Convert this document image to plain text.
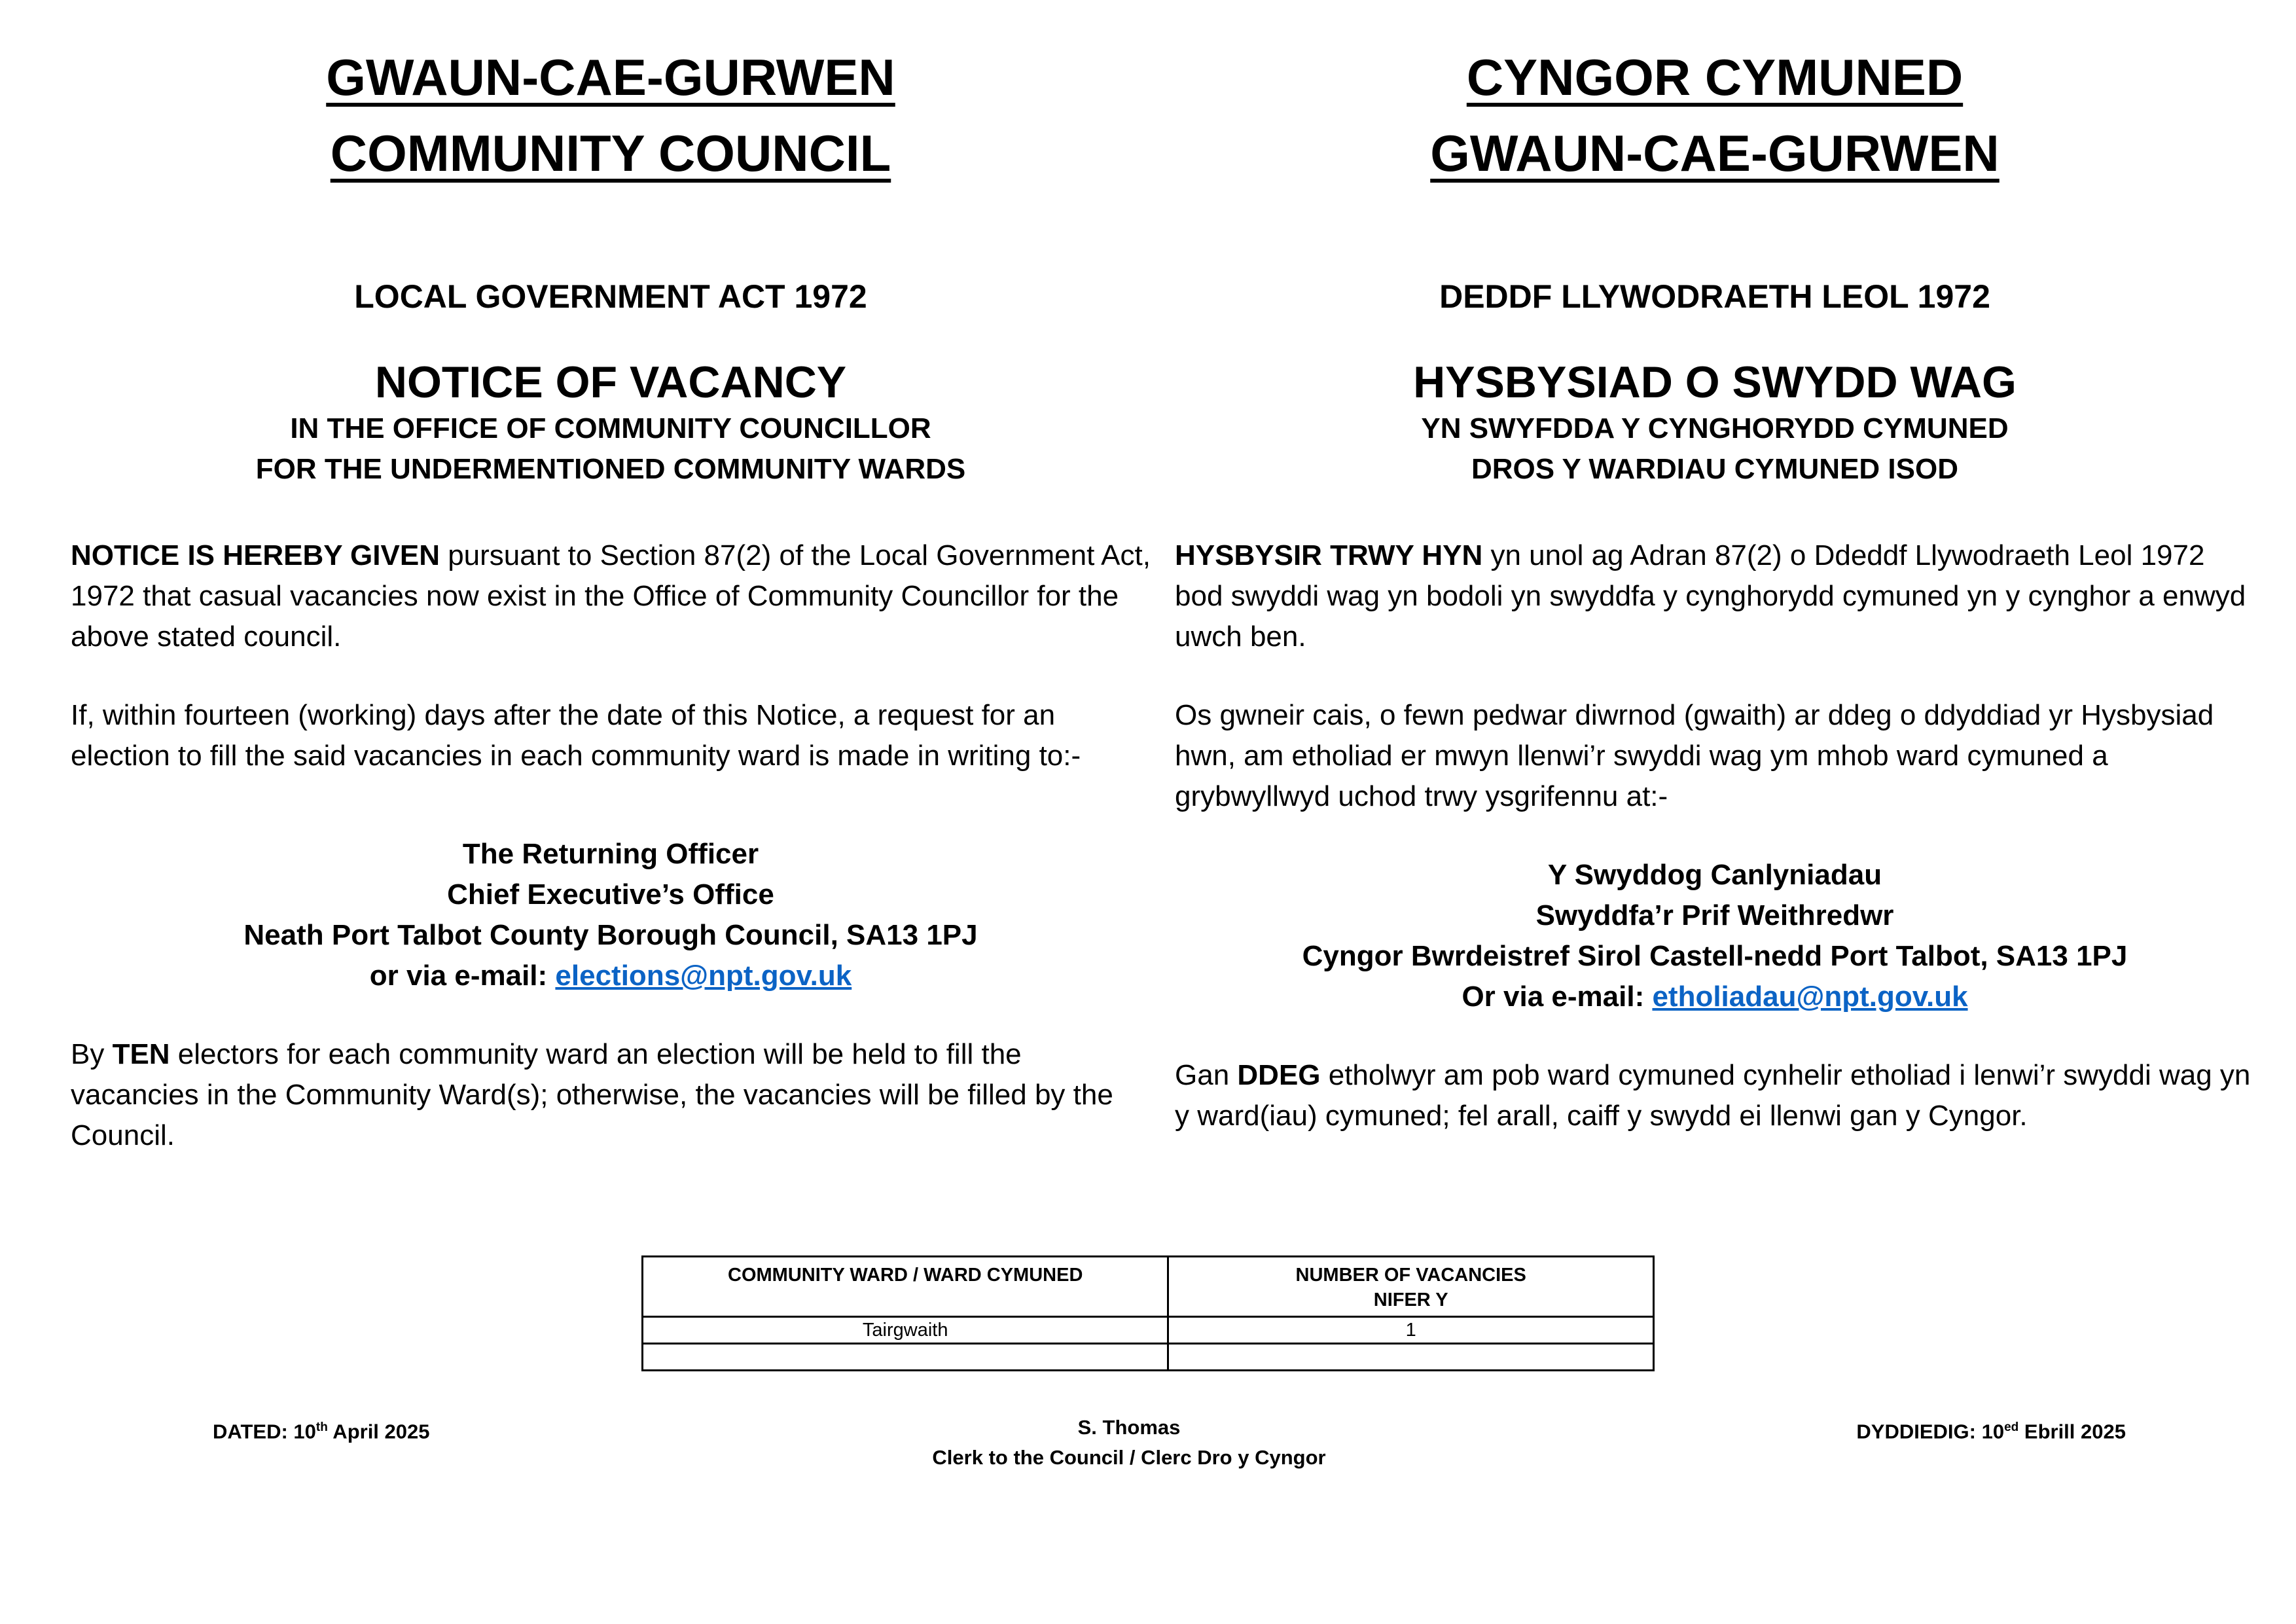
GWAUN-CAE-GURWEN
COMMUNITY COUNCIL
LOCAL GOVERNMENT ACT 1972
NOTICE OF VACANCY
IN THE OFFICE OF COMMUNITY COUNCILLOR
FOR THE UNDERMENTIONED COMMUNITY WARDS

NOTICE IS HEREBY GIVEN pursuant to Section 87(2) of the Local Government Act, 1972 that casual vacancies now exist in the Office of Community Councillor for the above stated council.

If, within fourteen (working) days after the date of this Notice, a request for an election to fill the said vacancies in each community ward is made in writing to:-

The Returning Officer
Chief Executive’s Office
Neath Port Talbot County Borough Council, SA13 1PJ
or via e-mail: elections@npt.gov.uk

By TEN electors for each community ward an election will be held to fill the vacancies in the Community Ward(s); otherwise, the vacancies will be filled by the Council.

CYNGOR CYMUNED
GWAUN-CAE-GURWEN
DEDDF LLYWODRAETH LEOL 1972
HYSBYSIAD O SWYDD WAG
YN SWYFDDA Y CYNGHORYDD CYMUNED
DROS Y WARDIAU CYMUNED ISOD

HYSBYSIR TRWY HYN yn unol ag Adran 87(2) o Ddeddf Llywodraeth Leol 1972 bod swyddi wag yn bodoli yn swyddfa y cynghorydd cymuned yn y cynghor a enwyd uwch ben.

Os gwneir cais, o fewn pedwar diwrnod (gwaith) ar ddeg o ddyddiad yr Hysbysiad hwn, am etholiad er mwyn llenwi’r swyddi wag ym mhob ward cymuned a grybwyllwyd uchod trwy ysgrifennu at:-

Y Swyddog Canlyniadau
Swyddfa’r Prif Weithredwr
Cyngor Bwrdeistref Sirol Castell-nedd Port Talbot, SA13 1PJ
Or via e-mail: etholiadau@npt.gov.uk

Gan DDEG etholwyr am pob ward cymuned cynhelir etholiad i lenwi’r swyddi wag yn y ward(iau) cymuned; fel arall, caiff y swydd ei llenwi gan y Cyngor.

COMMUNITY WARD / WARD CYMUNED	NUMBER OF VACANCIES
NIFER Y

Tairgwaith	1

DATED: 10th April 2025	S. Thomas
Clerk to the Council / Clerc Dro y Cyngor
DYDDIEDIG: $10^{ed}$ Ebrill 2025
